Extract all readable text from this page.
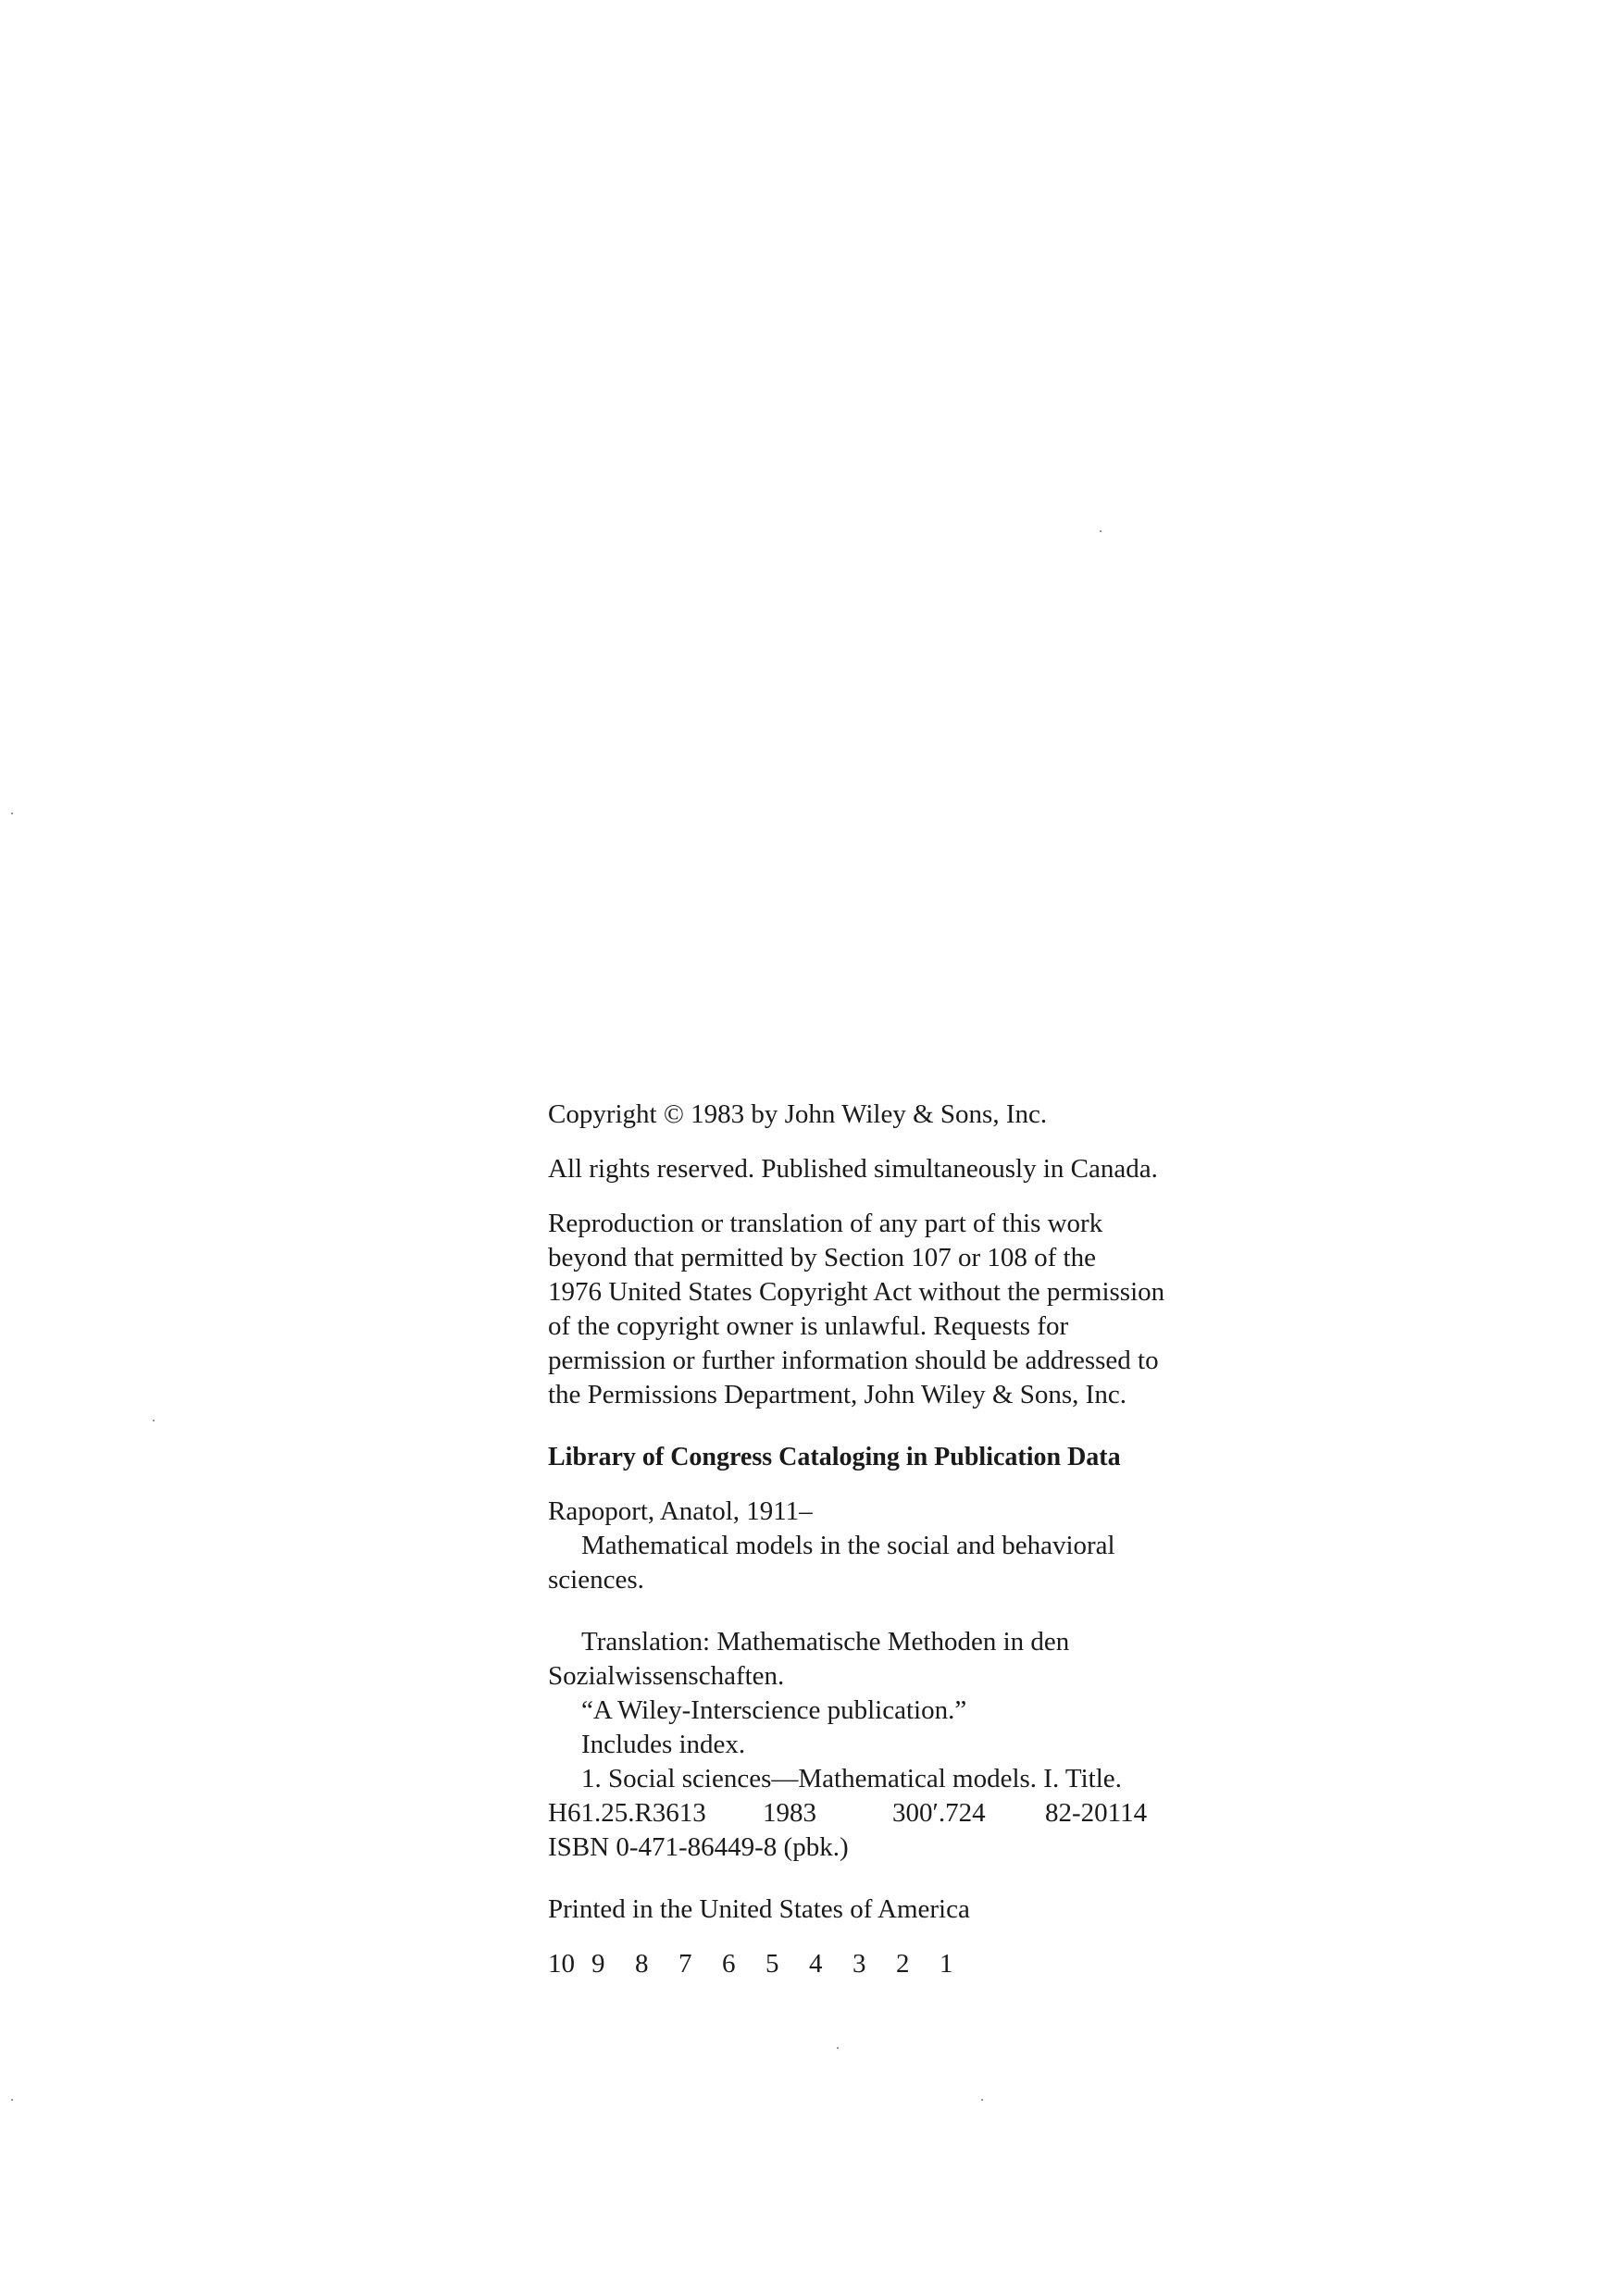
Copyright © 1983 by John Wiley & Sons, Inc.
All rights reserved. Published simultaneously in Canada.
Reproduction or translation of any part of this work
beyond that permitted by Section 107 or 108 of the
1976 United States Copyright Act without the permission
of the copyright owner is unlawful. Requests for
permission or further information should be addressed to
the Permissions Department, John Wiley & Sons, Inc.
Library of Congress Cataloging in Publication Data
Rapoport, Anatol, 1911–
Mathematical models in the social and behavioral
sciences.
Translation: Mathematische Methoden in den
Sozialwissenschaften.
“A Wiley-Interscience publication.”
Includes index.
1. Social sciences—Mathematical models. I. Title.
H61.25.R3613 1983	300′.724 82-20114
ISBN 0-471-86449-8 (pbk.)
Printed in the United States of America
10 9 8 7 6 5 4 3 2 1
